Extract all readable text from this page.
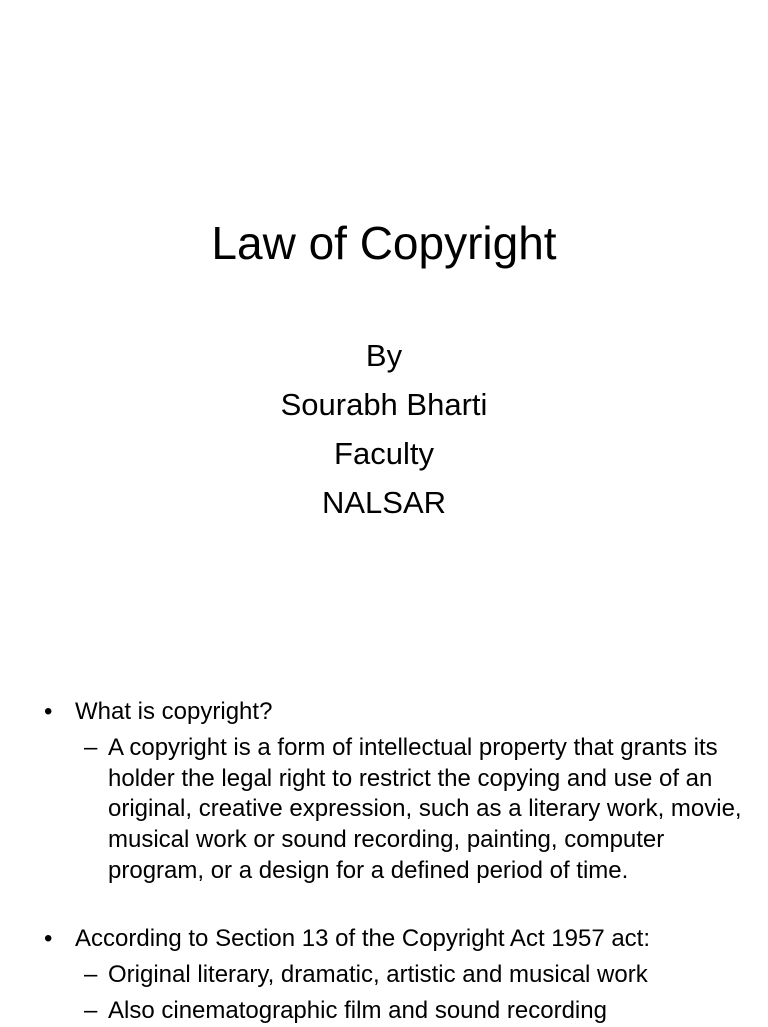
Law of Copyright
By
Sourabh Bharti
Faculty
NALSAR
• What is copyright?
– A copyright is a form of intellectual property that grants its holder the legal right to restrict the copying and use of an original, creative expression, such as a literary work, movie, musical work or sound recording, painting, computer program, or a design for a defined period of time.
• According to Section 13 of the Copyright Act 1957 act:
– Original literary, dramatic, artistic and musical work
– Also cinematographic film and sound recording
